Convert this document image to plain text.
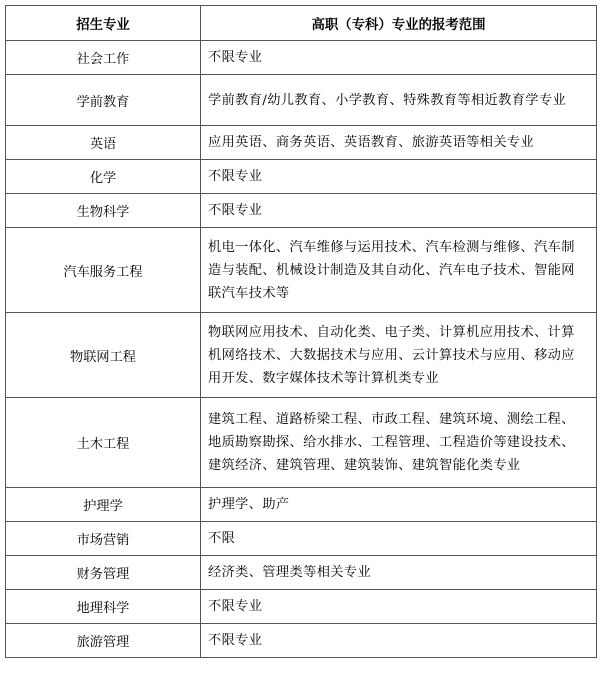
招生专业	高职（专科）专业的报考范围
社会工作	不限专业
学前教育	学前教育/幼儿教育、小学教育、特殊教育等相近教育学专业
英语	应用英语、商务英语、英语教育、旅游英语等相关专业
化学	不限专业
生物科学	不限专业
汽车服务工程	机电一体化、汽车维修与运用技术、汽车检测与维修、汽车制造与装配、机械设计制造及其自动化、汽车电子技术、智能网联汽车技术等
物联网工程	物联网应用技术、自动化类、电子类、计算机应用技术、计算机网络技术、大数据技术与应用、云计算技术与应用、移动应用开发、数字媒体技术等计算机类专业
土木工程	建筑工程、道路桥梁工程、市政工程、建筑环境、测绘工程、地质勘察勘探、给水排水、工程管理、工程造价等建设技术、建筑经济、建筑管理、建筑装饰、建筑智能化类专业
护理学	护理学、助产
市场营销	不限
财务管理	经济类、管理类等相关专业
地理科学	不限专业
旅游管理	不限专业
